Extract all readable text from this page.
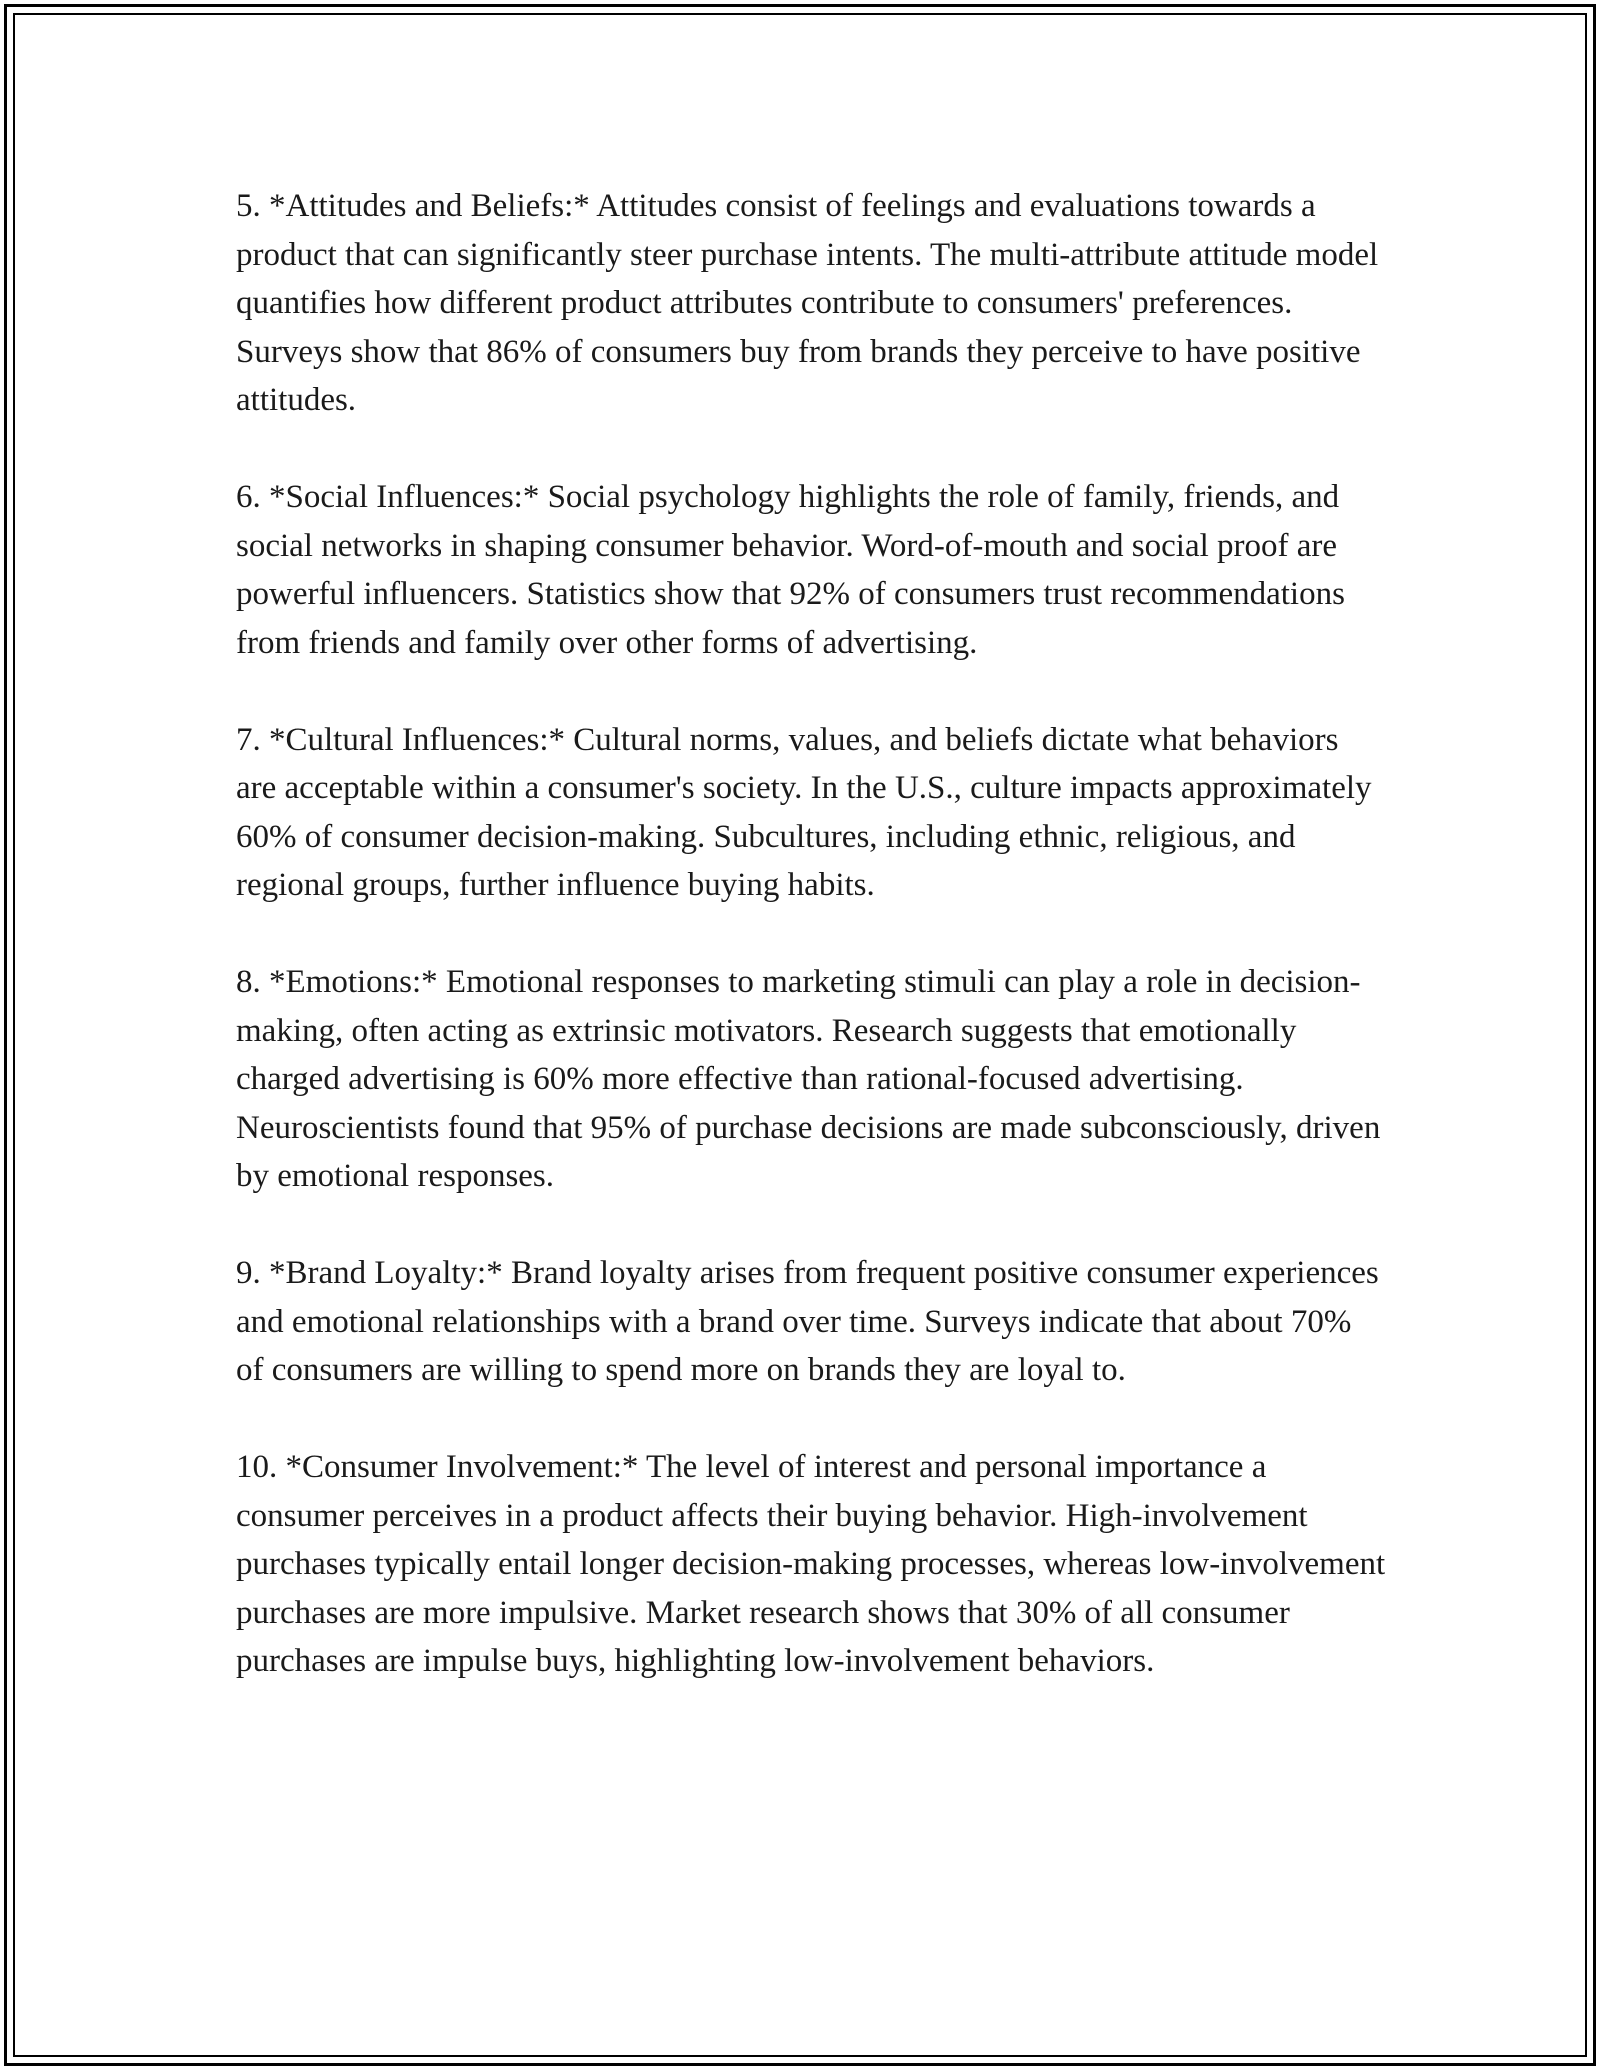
5. *Attitudes and Beliefs:* Attitudes consist of feelings and evaluations towards a product that can significantly steer purchase intents. The multi-attribute attitude model quantifies how different product attributes contribute to consumers' preferences. Surveys show that 86% of consumers buy from brands they perceive to have positive attitudes.

6. *Social Influences:* Social psychology highlights the role of family, friends, and social networks in shaping consumer behavior. Word-of-mouth and social proof are powerful influencers. Statistics show that 92% of consumers trust recommendations from friends and family over other forms of advertising.

7. *Cultural Influences:* Cultural norms, values, and beliefs dictate what behaviors are acceptable within a consumer's society. In the U.S., culture impacts approximately 60% of consumer decision-making. Subcultures, including ethnic, religious, and regional groups, further influence buying habits.

8. *Emotions:* Emotional responses to marketing stimuli can play a role in decision-making, often acting as extrinsic motivators. Research suggests that emotionally charged advertising is 60% more effective than rational-focused advertising. Neuroscientists found that 95% of purchase decisions are made subconsciously, driven by emotional responses.

9. *Brand Loyalty:* Brand loyalty arises from frequent positive consumer experiences and emotional relationships with a brand over time. Surveys indicate that about 70% of consumers are willing to spend more on brands they are loyal to.

10. *Consumer Involvement:* The level of interest and personal importance a consumer perceives in a product affects their buying behavior. High-involvement purchases typically entail longer decision-making processes, whereas low-involvement purchases are more impulsive. Market research shows that 30% of all consumer purchases are impulse buys, highlighting low-involvement behaviors.
